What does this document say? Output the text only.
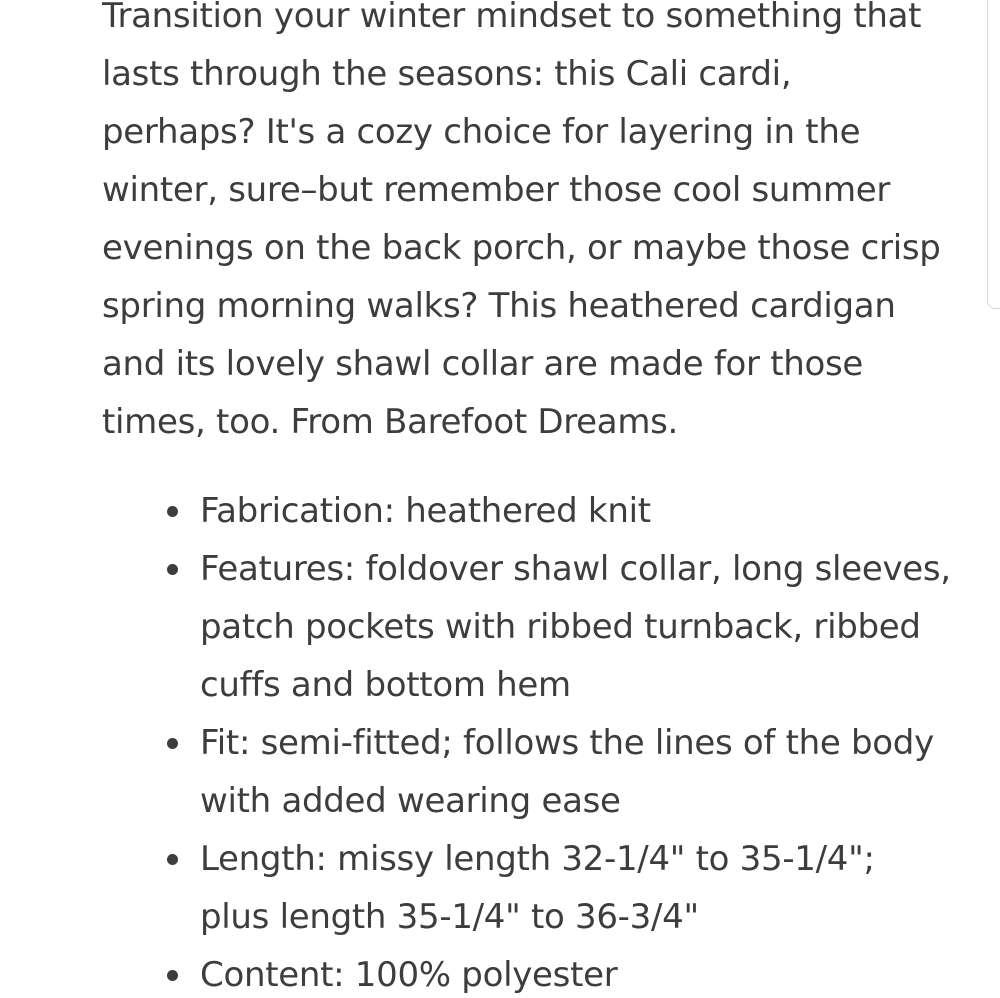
Transition your winter mindset to something that
lasts through the seasons: this Cali cardi,
perhaps? It's a cozy choice for layering in the
winter, sure–but remember those cool summer
evenings on the back porch, or maybe those crisp
spring morning walks? This heathered cardigan
and its lovely shawl collar are made for those
times, too. From Barefoot Dreams.

Fabrication: heathered knit
Features: foldover shawl collar, long sleeves,
patch pockets with ribbed turnback, ribbed
cuffs and bottom hem
Fit: semi-fitted; follows the lines of the body
with added wearing ease
Length: missy length 32-1/4" to 35-1/4";
plus length 35-1/4" to 36-3/4"
Content: 100% polyester
